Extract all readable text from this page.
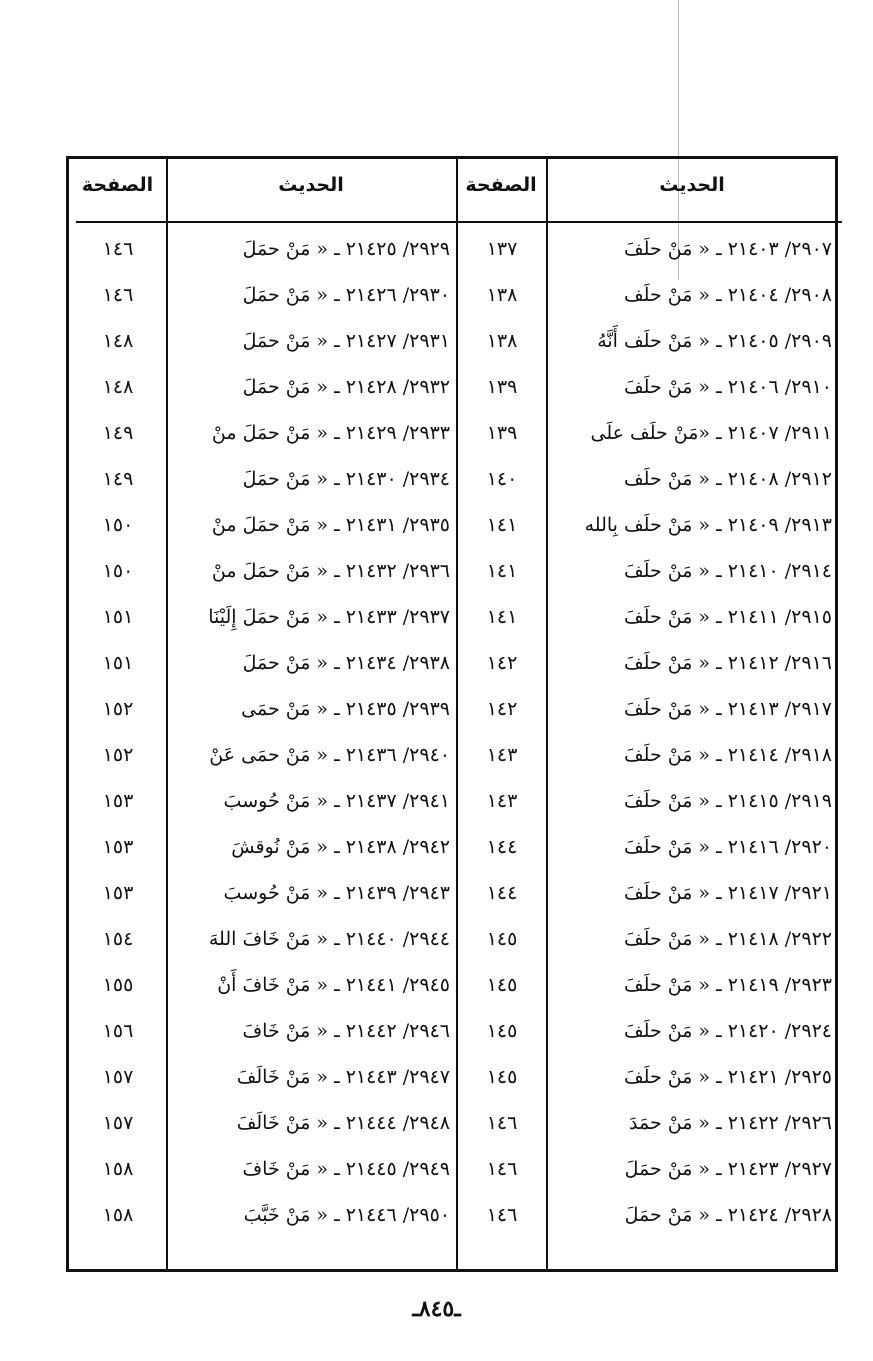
الحديث
الصفحة
الحديث
الصفحة
٢٩٠٧/ ٢١٤٠٣ ـ « مَنْ حلَفَ
١٣٧
٢٩٢٩/ ٢١٤٢٥ ـ « مَنْ حمَلَ
١٤٦
٢٩٠٨/ ٢١٤٠٤ ـ « مَنْ حلَف
١٣٨
٢٩٣٠/ ٢١٤٢٦ ـ « مَنْ حمَلَ
١٤٦
٢٩٠٩/ ٢١٤٠٥ ـ « مَنْ حلَف أَنَّهُ
١٣٨
٢٩٣١/ ٢١٤٢٧ ـ « مَنْ حمَلَ
١٤٨
٢٩١٠/ ٢١٤٠٦ ـ « مَنْ حلَفَ
١٣٩
٢٩٣٢/ ٢١٤٢٨ ـ « مَنْ حمَلَ
١٤٨
٢٩١١/ ٢١٤٠٧ ـ «مَنْ حلَف علَى
١٣٩
٢٩٣٣/ ٢١٤٢٩ ـ « مَنْ حمَلَ منْ
١٤٩
٢٩١٢/ ٢١٤٠٨ ـ « مَنْ حلَف
١٤٠
٢٩٣٤/ ٢١٤٣٠ ـ « مَنْ حمَلَ
١٤٩
٢٩١٣/ ٢١٤٠٩ ـ « مَنْ حلَف بِالله
١٤١
٢٩٣٥/ ٢١٤٣١ ـ « مَنْ حمَلَ منْ
١٥٠
٢٩١٤/ ٢١٤١٠ ـ « مَنْ حلَفَ
١٤١
٢٩٣٦/ ٢١٤٣٢ ـ « مَنْ حمَلَ منْ
١٥٠
٢٩١٥/ ٢١٤١١ ـ « مَنْ حلَفَ
١٤١
٢٩٣٧/ ٢١٤٣٣ ـ « مَنْ حمَلَ إِلَيْنَا
١٥١
٢٩١٦/ ٢١٤١٢ ـ « مَنْ حلَفَ
١٤٢
٢٩٣٨/ ٢١٤٣٤ ـ « مَنْ حمَلَ
١٥١
٢٩١٧/ ٢١٤١٣ ـ « مَنْ حلَفَ
١٤٢
٢٩٣٩/ ٢١٤٣٥ ـ « مَنْ حمَى
١٥٢
٢٩١٨/ ٢١٤١٤ ـ « مَنْ حلَفَ
١٤٣
٢٩٤٠/ ٢١٤٣٦ ـ « مَنْ حمَى عَنْ
١٥٢
٢٩١٩/ ٢١٤١٥ ـ « مَنْ حلَفَ
١٤٣
٢٩٤١/ ٢١٤٣٧ ـ « مَنْ حُوسبَ
١٥٣
٢٩٢٠/ ٢١٤١٦ ـ « مَنْ حلَفَ
١٤٤
٢٩٤٢/ ٢١٤٣٨ ـ « مَنْ نُوقشَ
١٥٣
٢٩٢١/ ٢١٤١٧ ـ « مَنْ حلَفَ
١٤٤
٢٩٤٣/ ٢١٤٣٩ ـ « مَنْ حُوسبَ
١٥٣
٢٩٢٢/ ٢١٤١٨ ـ « مَنْ حلَفَ
١٤٥
٢٩٤٤/ ٢١٤٤٠ ـ « مَنْ خَافَ اللهَ
١٥٤
٢٩٢٣/ ٢١٤١٩ ـ « مَنْ حلَفَ
١٤٥
٢٩٤٥/ ٢١٤٤١ ـ « مَنْ خَافَ أَنْ
١٥٥
٢٩٢٤/ ٢١٤٢٠ ـ « مَنْ حلَفَ
١٤٥
٢٩٤٦/ ٢١٤٤٢ ـ « مَنْ خَافَ
١٥٦
٢٩٢٥/ ٢١٤٢١ ـ « مَنْ حلَفَ
١٤٥
٢٩٤٧/ ٢١٤٤٣ ـ « مَنْ خَالَفَ
١٥٧
٢٩٢٦/ ٢١٤٢٢ ـ « مَنْ حمَدَ
١٤٦
٢٩٤٨/ ٢١٤٤٤ ـ « مَنْ خَالَفَ
١٥٧
٢٩٢٧/ ٢١٤٢٣ ـ « مَنْ حمَلَ
١٤٦
٢٩٤٩/ ٢١٤٤٥ ـ « مَنْ خَافَ
١٥٨
٢٩٢٨/ ٢١٤٢٤ ـ « مَنْ حمَلَ
١٤٦
٢٩٥٠/ ٢١٤٤٦ ـ « مَنْ خَبَّبَ
١٥٨
ـ٨٤٥ـ
